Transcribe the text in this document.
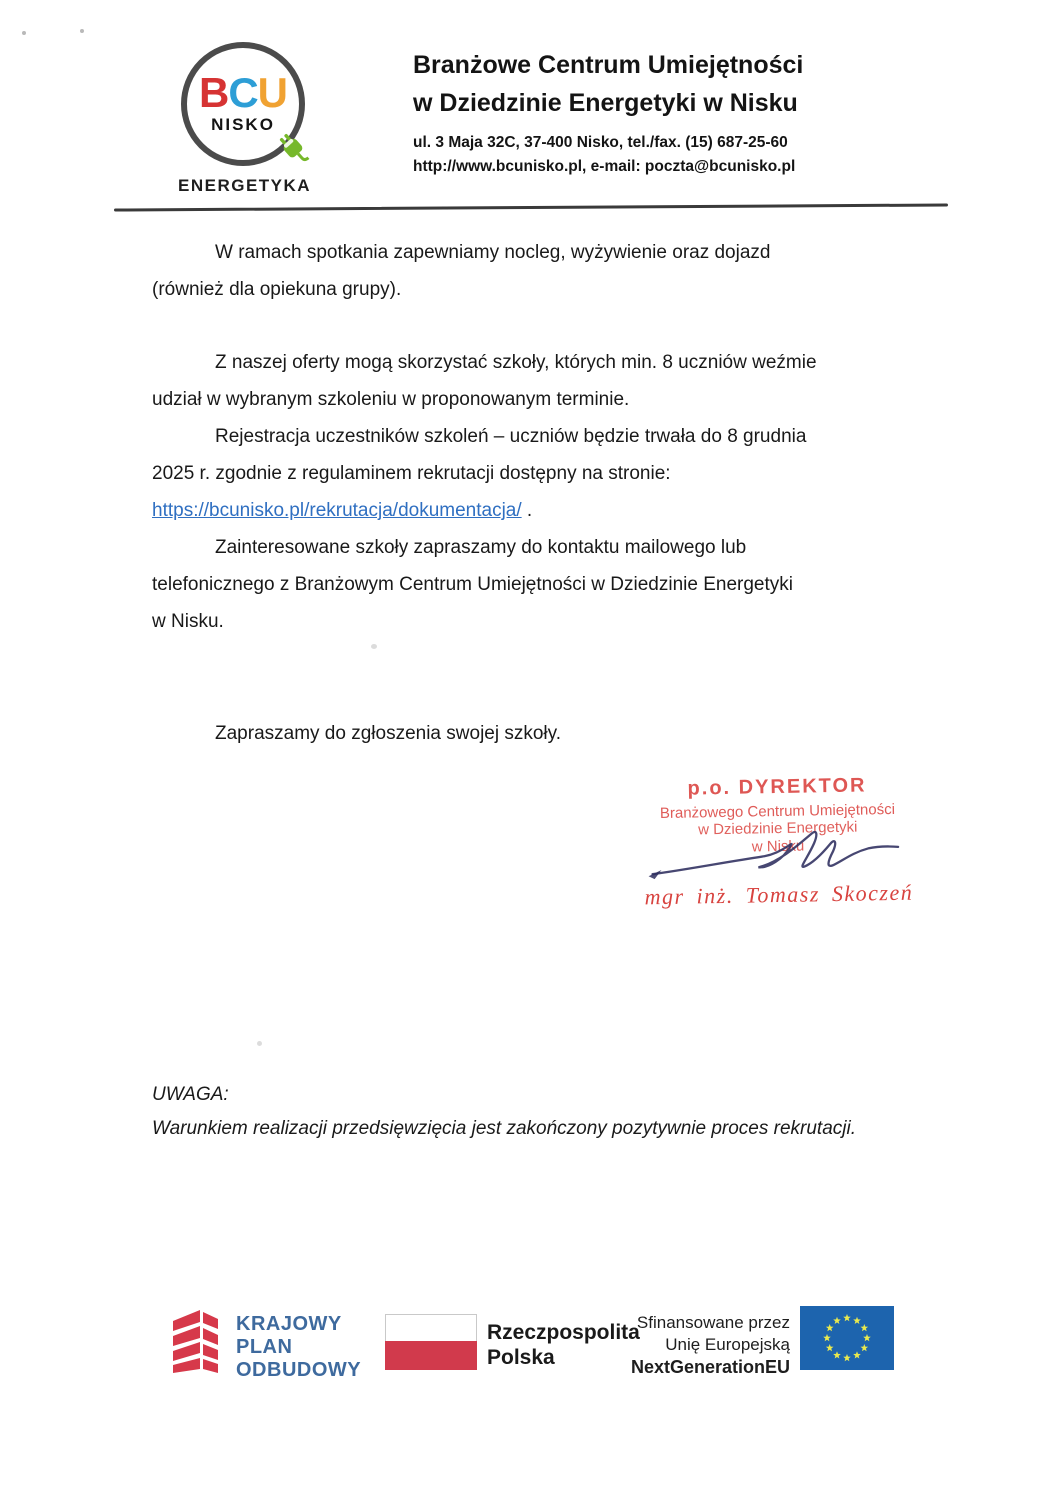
B C U
NISKO
ENERGETYKA
Branżowe Centrum Umiejętności
w Dziedzinie Energetyki w Nisku
ul. 3 Maja 32C, 37-400 Nisko, tel./fax. (15) 687-25-60
http://www.bcunisko.pl, e-mail: poczta@bcunisko.pl
W ramach spotkania zapewniamy nocleg, wyżywienie oraz dojazd
(również dla opiekuna grupy).
Z naszej oferty mogą skorzystać szkoły, których min. 8 uczniów weźmie
udział w wybranym szkoleniu w proponowanym terminie.
Rejestracja uczestników szkoleń – uczniów będzie trwała do 8 grudnia
2025 r. zgodnie z regulaminem rekrutacji dostępny na stronie:
https://bcunisko.pl/rekrutacja/dokumentacja/ .
Zainteresowane szkoły zapraszamy do kontaktu mailowego lub
telefonicznego z Branżowym Centrum Umiejętności w Dziedzinie Energetyki
w Nisku.
Zapraszamy do zgłoszenia swojej szkoły.
p.o. DYREKTOR
Branżowego Centrum Umiejętności
w Dziedzinie Energetyki
w Nisku
mgr inż. Tomasz Skoczeń
UWAGA:
Warunkiem realizacji przedsięwzięcia jest zakończony pozytywnie proces rekrutacji.
KRAJOWY
PLAN
ODBUDOWY
Rzeczpospolita
Polska
Sfinansowane przez
Unię Europejską
NextGenerationEU
